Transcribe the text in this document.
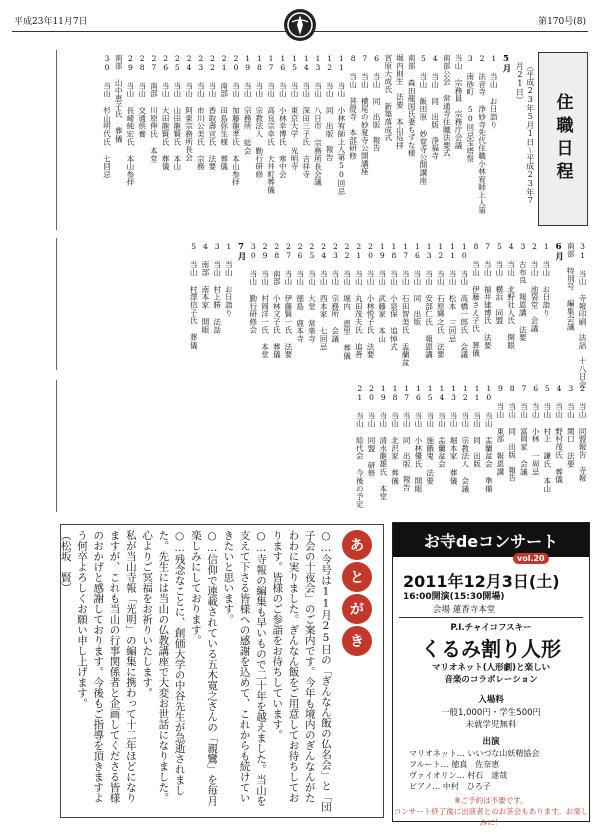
平成23年11月7日	第170号(8)
住職日程
（平成23年5月1日〜平成23年7月21日）
5月
1 当山 お日詣り
2 法音寺 浄妙寺先代住職小林宥師上人第
3 南砂町 50回忌宝塔祭
当山 宗務員　宗務庁会議
南部公会 常通寺住職法要式
4 当山 同　出版　浄福寺
5 当山 飯田原 妙覚寺公開講座
南部 森田龍国氏妻ちずな様
堀内則生　法要 本山巡拝
宮原大成氏 新築落成式
6 当山 同　出版　報告
7 当山 横尾の妙覚寺公開講座
8 当山 菩提寺　本部研修
11 当山 小林宥師上人第50回忌
12 当山 同　出版　報告
13 当山 八日市 宗務所長会議
14 当山 深田三子氏 吉祥寺
15 当山 東京大学 光明寺
16 当山 小林幸博氏 寒中会
17 当山 高良宗幸氏 大井町葬儀
18 当山 宗教法人 勤行研修
19 当山 宗務所 総会
20 当山 加藤龍孝氏 本山参拝
21 南部 田島弥生様 葬儀
22 当山 香取壽宣氏 法要
23 当山 市川公美氏 宗務
24 当山 阿東宗務所長会
25 当山 山田龍賢氏 本山
26 当山 大田龍賢氏 葬儀
27 南部 川原伸氏 本堂
28 当山 交通供養
29 当山 長崎純宏氏 本山参拝
南部 山中恵子氏 葬儀
30 当山 杉山明代氏 七回忌
31 当山 寺報印刷　法話　十八日会
南部 特別号 編集会議
6月
1 当山 お日詣り
2 当山 池袋堂　会議
3 古布良 報恩講 法要
4 当山 北野社人氏 開眼
5 当山 横浜　同盟
7 当山 福井建博氏 法要
8 当山 伊藤さえ子氏 葬儀
10 当山 高橋一郎氏 会議
11 当山 松本 三回忌
12 当山 石原輝之氏 法要
13 当山 安部仁氏 報恩講
16 当山 同　出版
17 当山 石田智美氏 盂蘭盆
18 当山 小泉保 追悼式
19 当山 武藤家 本山
20 当山 小林悦子氏 法要
21 当山 丸田茂夫氏 追善
22 当山 堀内 恵里 葬儀
23 当山 宗務所 会議
24 当山 西本家 七回忌
25 当山 大堂 常楽寺
26 当山 徳島 鹿本寺
27 当山 伊藤賢一氏 法要
28 南部 小林文子氏 葬儀
29 当山 村岡洋一氏 本堂
30 当山 勤行研修会
7月
1 当山 お日詣り
3 当山 村上勝 法話
4 南部 南本家 開眼
5 当山 村澤信子氏 葬儀
2 当山 同盟報告　寺報
3 当山 関口 法要
4 当山 野村茂氏 葬儀
5 当山 村上 謙氏 本山
6 当山 小林 一周忌
7 当山 富岡家 会議
8 当山 同　出版　報告
9 当山 東部 報恩講
10 当山 盂蘭盆会 準備
11 当山 同　出版
12 当山 宗教法人 会議
13 当山 堀本家 葬儀
14 当山 盂蘭盆会
15 当山 施餓鬼 法要
16 当山 小林優氏 開眼
17 当山 同　出版　報告
18 当山 北沢家 葬儀
19 当山 清水龍雄氏 本堂
20 当山 同盟 研修
21 当山 総代会 今後の予定
あ
と
が
き
○…今号は11月25日の「ぎんなん飯の仏名会」と「団子会の十夜会」のご案内です。今年も境内のぎんなんがたわわに実りました。ぎんなん飯をご用意してお待ちしております。皆様のご参詣をお待ちしています。
○…寺報の編集も早いもので二十年を越えました。当山を支えて下さる皆様への感謝を込めて、これからも続けていきたいと思います。
○…信仰で連載されている五木寛之さんの「親鸞」を毎月楽しみにしております。
○…残念なことに、創価大学の中谷先生が急逝されました。先生には当山の仏教講座で大変お世話になりました。心よりご冥福をお祈りいたします。
私が当山寺報「光明」の編集に携わって十二年ほどになりますが、これも当山の行事関係者と企画してくださる皆様のおかげと感謝しております。今後もご指導を頂きますよう何卒よろしくお願い申し上げます。
（松坂　賢）	お寺deコンサート
vol.20
2011年12月3日(土)
16:00開演(15:30開場)
会場 蓮香寺本堂
P.I.チャイコフスキー
くるみ割り人形
マリオネット(人形劇)と楽しい
音楽のコラボレーション
入場料
一般1,000円・学生500円
未就学児無料
出演
マリオネット… いいづな山妖精協会
フルート… 徳真　佐奈恵
ヴァイオリン… 村石　達哉
ピアノ… 中村　ひろ子
※ご予約は不要です。
コンサート終了後に出演者とのお茶会もあります。お楽しみに！
